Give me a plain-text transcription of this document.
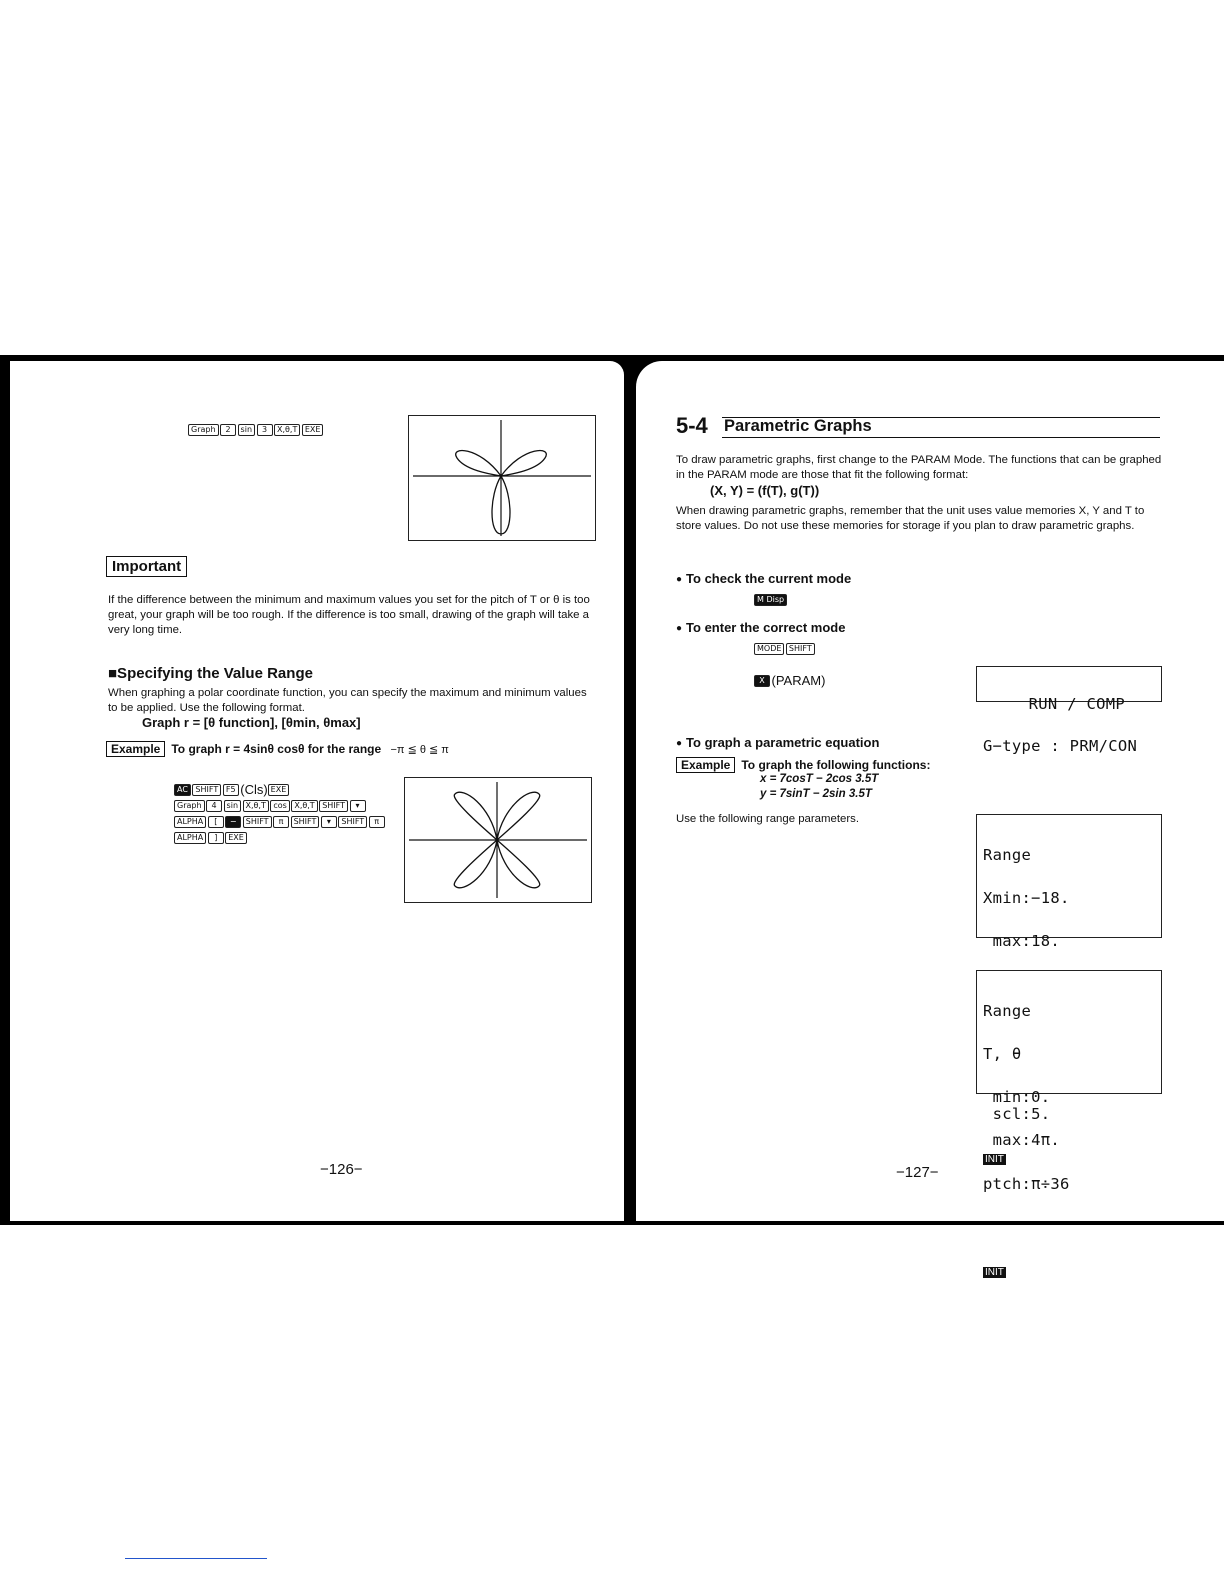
Graph 2 sin 3 X,θ,T EXE
Important
If the difference between the minimum and maximum values you set for the pitch of T or θ is too great, your graph will be too rough. If the difference is too small, drawing of the graph will take a very long time.
■Specifying the Value Range
When graphing a polar coordinate function, you can specify the maximum and minimum values to be applied. Use the following format.
Graph r = [θ function], [θmin, θmax]
Example To graph r = 4sinθ cosθ for the range −π ≦ θ ≦ π
AC SHIFT F5 (Cls) EXE
Graph 4 sin X,θ,T cos X,θ,T SHIFT ▾
ALPHA [ − SHIFT π SHIFT ▾ SHIFT π
ALPHA ] EXE
−126−
5-4 Parametric Graphs
To draw parametric graphs, first change to the PARAM Mode. The functions that can be graphed in the PARAM mode are those that fit the following format:
(X, Y) = (f(T), g(T))
When drawing parametric graphs, remember that the unit uses value memories X, Y and T to store values. Do not use these memories for storage if you plan to draw parametric graphs.
● To check the current mode
M Disp
● To enter the correct mode
MODE SHIFT
X (PARAM)

RUN / COMP

G−type : PRM/CON

● To graph a parametric equation
Example To graph the following functions:
x = 7cosT − 2cos 3.5T
y = 7sinT − 2sin 3.5T
Use the following range parameters.

Range

Xmin:−18.

max:18.

scl:5.

INIT

Range

T, θ

min:0.

max:4π.

ptch:π÷36

INIT

−127−
